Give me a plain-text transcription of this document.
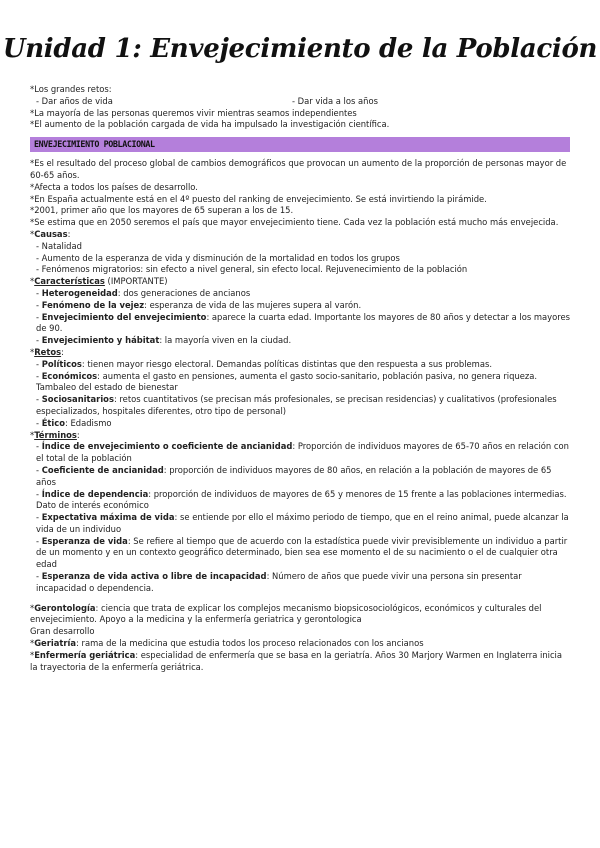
Unidad 1: Envejecimiento de la Población
*Los grandes retos:
- Dar años de vida	- Dar vida a los años
*La mayoría de las personas queremos vivir mientras seamos independientes
*El aumento de la población cargada de vida ha impulsado la investigación científica.
ENVEJECIMIENTO POBLACIONAL
*Es el resultado del proceso global de cambios demográficos que provocan un aumento de la proporción de personas mayor de 60-65 años.
*Afecta a todos los países de desarrollo.
*En España actualmente está en el 4º puesto del ranking de envejecimiento. Se está invirtiendo la pirámide.
*2001, primer año que los mayores de 65 superan a los de 15.
*Se estima que en 2050 seremos el país que mayor envejecimiento tiene. Cada vez la población está mucho más envejecida.
*Causas:
- Natalidad
- Aumento de la esperanza de vida y disminución de la mortalidad en todos los grupos
- Fenómenos migratorios: sin efecto a nivel general, sin efecto local. Rejuvenecimiento de la población
*Características (IMPORTANTE)
- Heterogeneidad: dos generaciones de ancianos
- Fenómeno de la vejez: esperanza de vida de las mujeres supera al varón.
- Envejecimiento del envejecimiento: aparece la cuarta edad. Importante los mayores de 80 años y detectar a los mayores de 90.
- Envejecimiento y hábitat: la mayoría viven en la ciudad.
*Retos:
- Políticos: tienen mayor riesgo electoral. Demandas políticas distintas que den respuesta a sus problemas.
- Económicos: aumenta el gasto en pensiones, aumenta el gasto socio-sanitario, población pasiva, no genera riqueza. Tambaleo del estado de bienestar
- Sociosanitarios: retos cuantitativos (se precisan más profesionales, se precisan residencias) y cualitativos (profesionales especializados, hospitales diferentes, otro tipo de personal)
- Ético: Edadismo
*Términos:
- Índice de envejecimiento o coeficiente de ancianidad: Proporción de individuos mayores de 65-70 años en relación con el total de la población
- Coeficiente de ancianidad: proporción de individuos mayores de 80 años, en relación a la población de mayores de 65 años
- Índice de dependencia: proporción de individuos de mayores de 65 y menores de 15 frente a las poblaciones intermedias. Dato de interés económico
- Expectativa máxima de vida: se entiende por ello el máximo periodo de tiempo, que en el reino animal, puede alcanzar la vida de un individuo
- Esperanza de vida: Se refiere al tiempo que de acuerdo con la estadística puede vivir previsiblemente un individuo a partir de un momento y en un contexto geográfico determinado, bien sea ese momento el de su nacimiento o el de cualquier otra edad
- Esperanza de vida activa o libre de incapacidad: Número de años que puede vivir una persona sin presentar incapacidad o dependencia.
*Gerontología: ciencia que trata de explicar los complejos mecanismo biopsicosociológicos, económicos y culturales del envejecimiento. Apoyo a la medicina y la enfermería geriatrica y gerontologica
Gran desarrollo
*Geriatría: rama de la medicina que estudia todos los proceso relacionados con los ancianos
*Enfermería geriátrica: especialidad de enfermería que se basa en la geriatría. Años 30 Marjory Warmen en Inglaterra inicia la trayectoria de la enfermería geriátrica.
